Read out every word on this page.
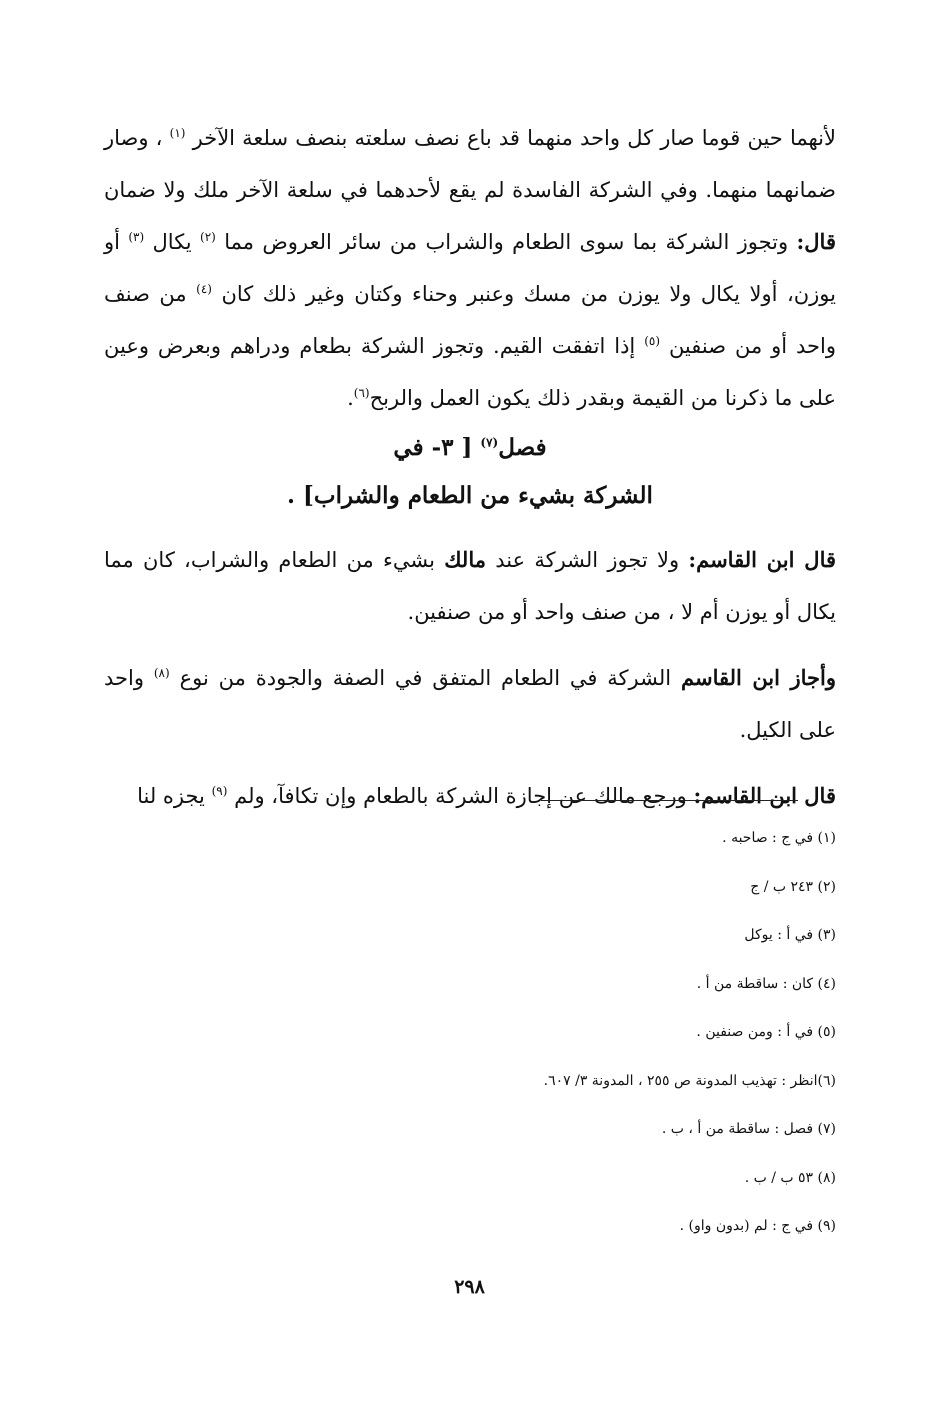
لأنهما حين قوما صار كل واحد منهما قد باع نصف سلعته بنصف سلعة الآخر $^{(١)}$ ، وصار ضمانهما منهما. وفي الشركة الفاسدة لم يقع لأحدهما في سلعة الآخر ملك ولا ضمان قال: وتجوز الشركة بما سوى الطعام والشراب من سائر العروض مما $^{(٢)}$ يكال $^{(٣)}$ أو يوزن، أولا يكال ولا يوزن من مسك وعنبر وحناء وكتان وغير ذلك كان $^{(٤)}$ من صنف واحد أو من صنفين $^{(٥)}$ إذا اتفقت القيم. وتجوز الشركة بطعام ودراهم وبعرض وعين على ما ذكرنا من القيمة وبقدر ذلك يكون العمل والربح$^{(٦)}$.

فصل$^{(٧)}$ [ ٣- في

الشركة بشيء من الطعام والشراب] .

قال ابن القاسم: ولا تجوز الشركة عند مالك بشيء من الطعام والشراب، كان مما يكال أو يوزن أم لا ، من صنف واحد أو من صنفين.

وأجاز ابن القاسم الشركة في الطعام المتفق في الصفة والجودة من نوع $^{(٨)}$ واحد على الكيل.

قال ابن القاسم: ورجع مالك عن إجازة الشركة بالطعام وإن تكافآ، ولم $^{(٩)}$ يجزه لنا

(١) في ج : صاحبه .
(٢) ٢٤٣ ب / ج
(٣) في أ : يوكل
(٤) كان : ساقطة من أ .
(٥) في أ : ومن صنفين .
(٦)انظر : تهذيب المدونة ص ٢٥٥ ، المدونة ٣/ ٦٠٧.
(٧) فصل : ساقطة من أ ، ب .
(٨) ٥٣ ب / ب .
(٩) في ج : لم (بدون واو) .
٢٩٨
